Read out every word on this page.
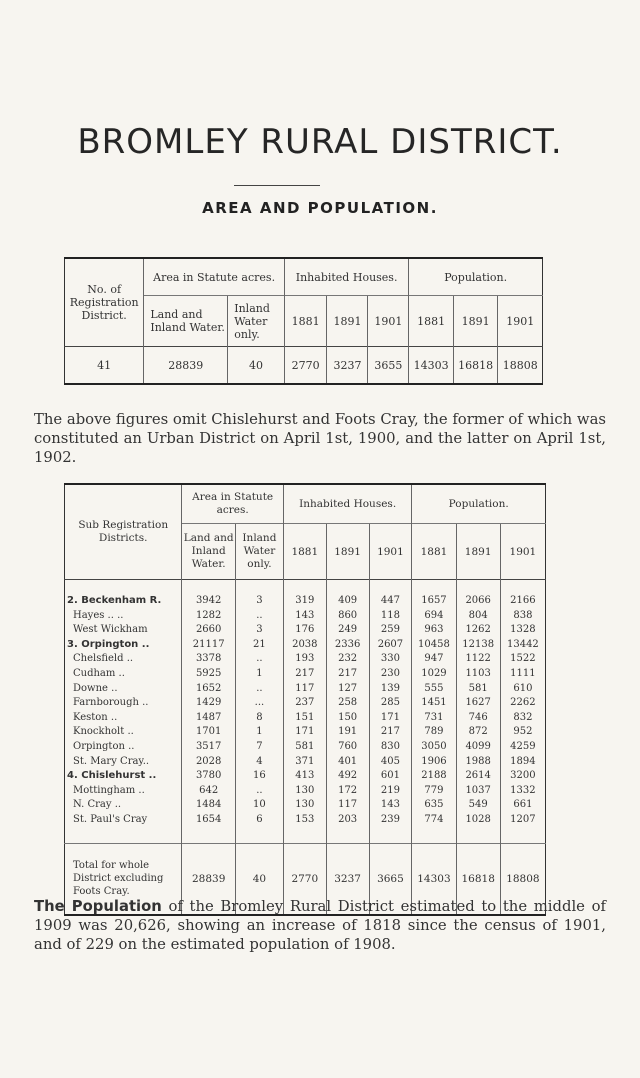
BROMLEY RURAL DISTRICT.
AREA AND POPULATION.
No. of Registration District.	Area in Statute acres.		Inhabited Houses.			Population.		
	Land and Inland Water.	Inland Water only.	1881	1891	1901	1881	1891	1901
41	28839	40	2770	3237	3655	14303	16818	18808
The above figures omit Chislehurst and Foots Cray, the former of which was constituted an Urban District on April 1st, 1900, and the latter on April 1st, 1902.
Sub Registration Districts.	Area in Statute acres.		Inhabited Houses.			Population.		
	Land and Inland Water.	Inland Water only.	1881	1891	1901	1881	1891	1901
2. Beckenham R.	3942	3	319	409	447	1657	2066	2166
Hayes .. ..	1282	..	143	860	118	694	804	838
West Wickham	2660	3	176	249	259	963	1262	1328
3. Orpington ..	21117	21	2038	2336	2607	10458	12138	13442
Chelsfield ..	3378	..	193	232	330	947	1122	1522
Cudham ..	5925	1	217	217	230	1029	1103	1111
Downe ..	1652	..	117	127	139	555	581	610
Farnborough ..	1429	...	237	258	285	1451	1627	2262
Keston ..	1487	8	151	150	171	731	746	832
Knockholt ..	1701	1	171	191	217	789	872	952
Orpington ..	3517	7	581	760	830	3050	4099	4259
St. Mary Cray..	2028	4	371	401	405	1906	1988	1894
4. Chislehurst ..	3780	16	413	492	601	2188	2614	3200
Mottingham ..	642	..	130	172	219	779	1037	1332
N. Cray ..	1484	10	130	117	143	635	549	661
St. Paul's Cray	1654	6	153	203	239	774	1028	1207
Total for whole District excluding Foots Cray.	28839	40	2770	3237	3665	14303	16818	18808
The Population of the Bromley Rural District estimated to the middle of 1909 was 20,626, showing an increase of 1818 since the census of 1901, and of 229 on the estimated population of 1908.
